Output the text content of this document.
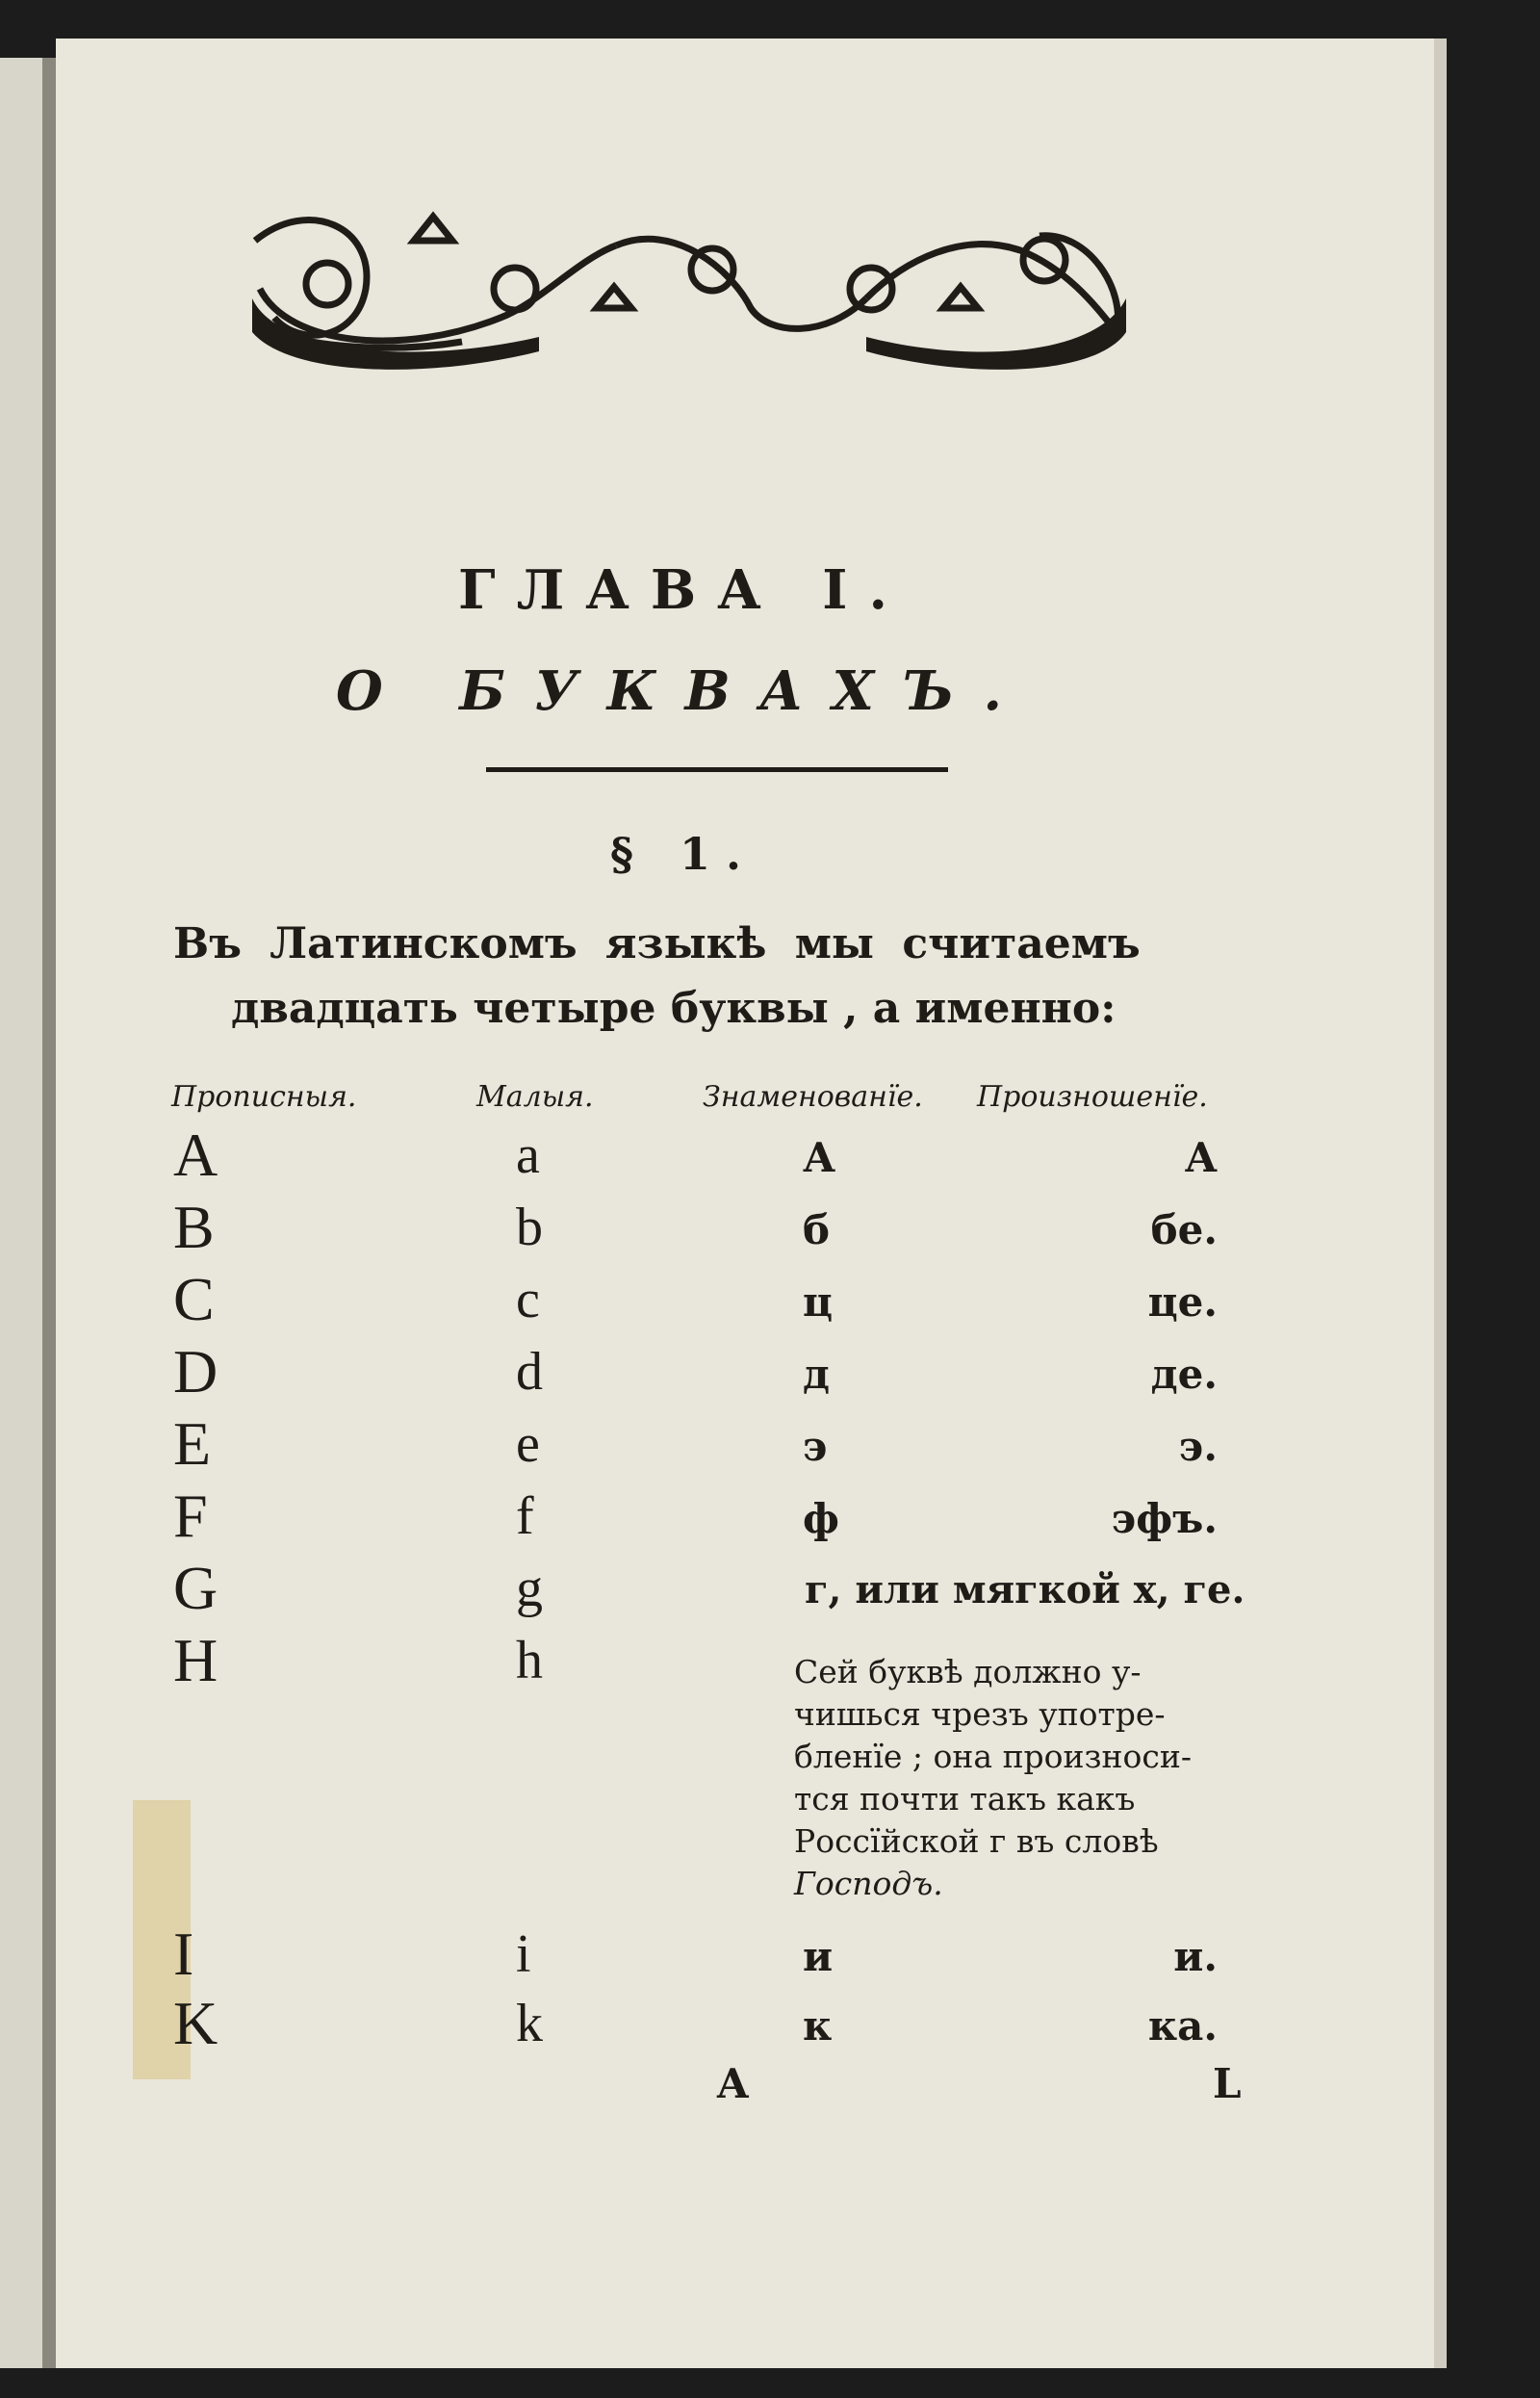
ГЛАВА I.
О БУКВАХЪ.
§ 1.
Въ Латинскомъ языкѣ мы считаемъ
двадцать четыре буквы , а именно:
Прописныя.	Малыя.	Знаменованїе. Произношенїе.
A	a	А	А
B	b	б	бе.
C	c	ц	це.
D	d	д	де.
E	e	э	э.
F	f	ф	эфъ.
G	g	г, или мягкой х, ге.
H	h	Сей буквѣ должно у-чишься чрезъ употре-бленїе ; она произноси-тся почти такъ какъ Россїйской г въ словѣ Господъ.
I	i	и	и.
K	k	к	ка.
A	L
